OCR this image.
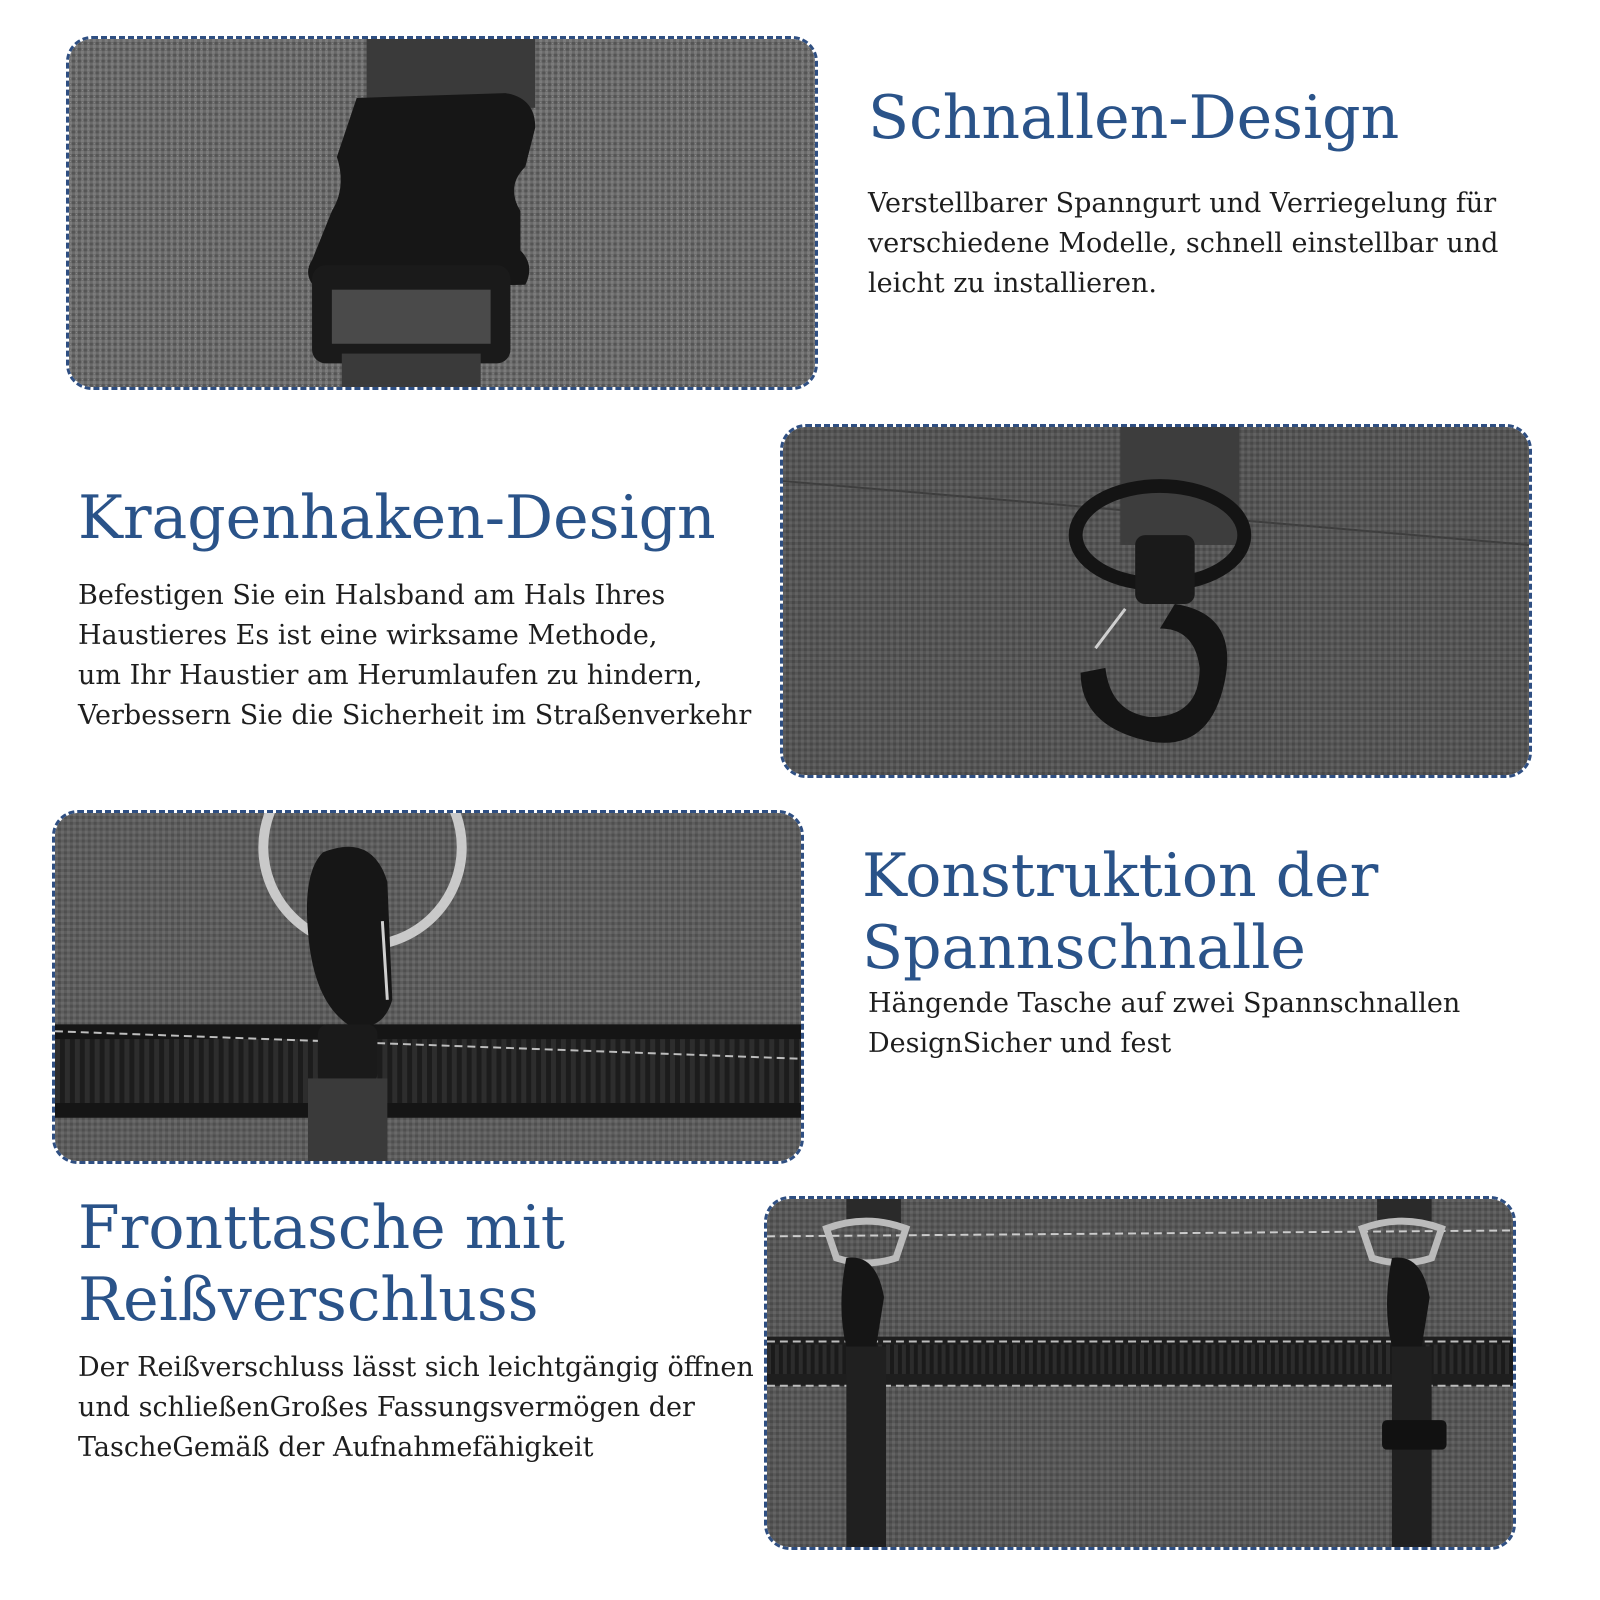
Schnallen-Design

Verstellbarer Spanngurt und Verriegelung für
verschiedene Modelle, schnell einstellbar und
leicht zu installieren.

Kragenhaken-Design

Befestigen Sie ein Halsband am Hals Ihres
Haustieres Es ist eine wirksame Methode,
um Ihr Haustier am Herumlaufen zu hindern,
Verbessern Sie die Sicherheit im Straßenverkehr

Konstruktion der
Spannschnalle

Hängende Tasche auf zwei Spannschnallen
DesignSicher und fest

Fronttasche mit
Reißverschluss

Der Reißverschluss lässt sich leichtgängig öffnen
und schließenGroßes Fassungsvermögen der
TascheGemäß der Aufnahmefähigkeit
